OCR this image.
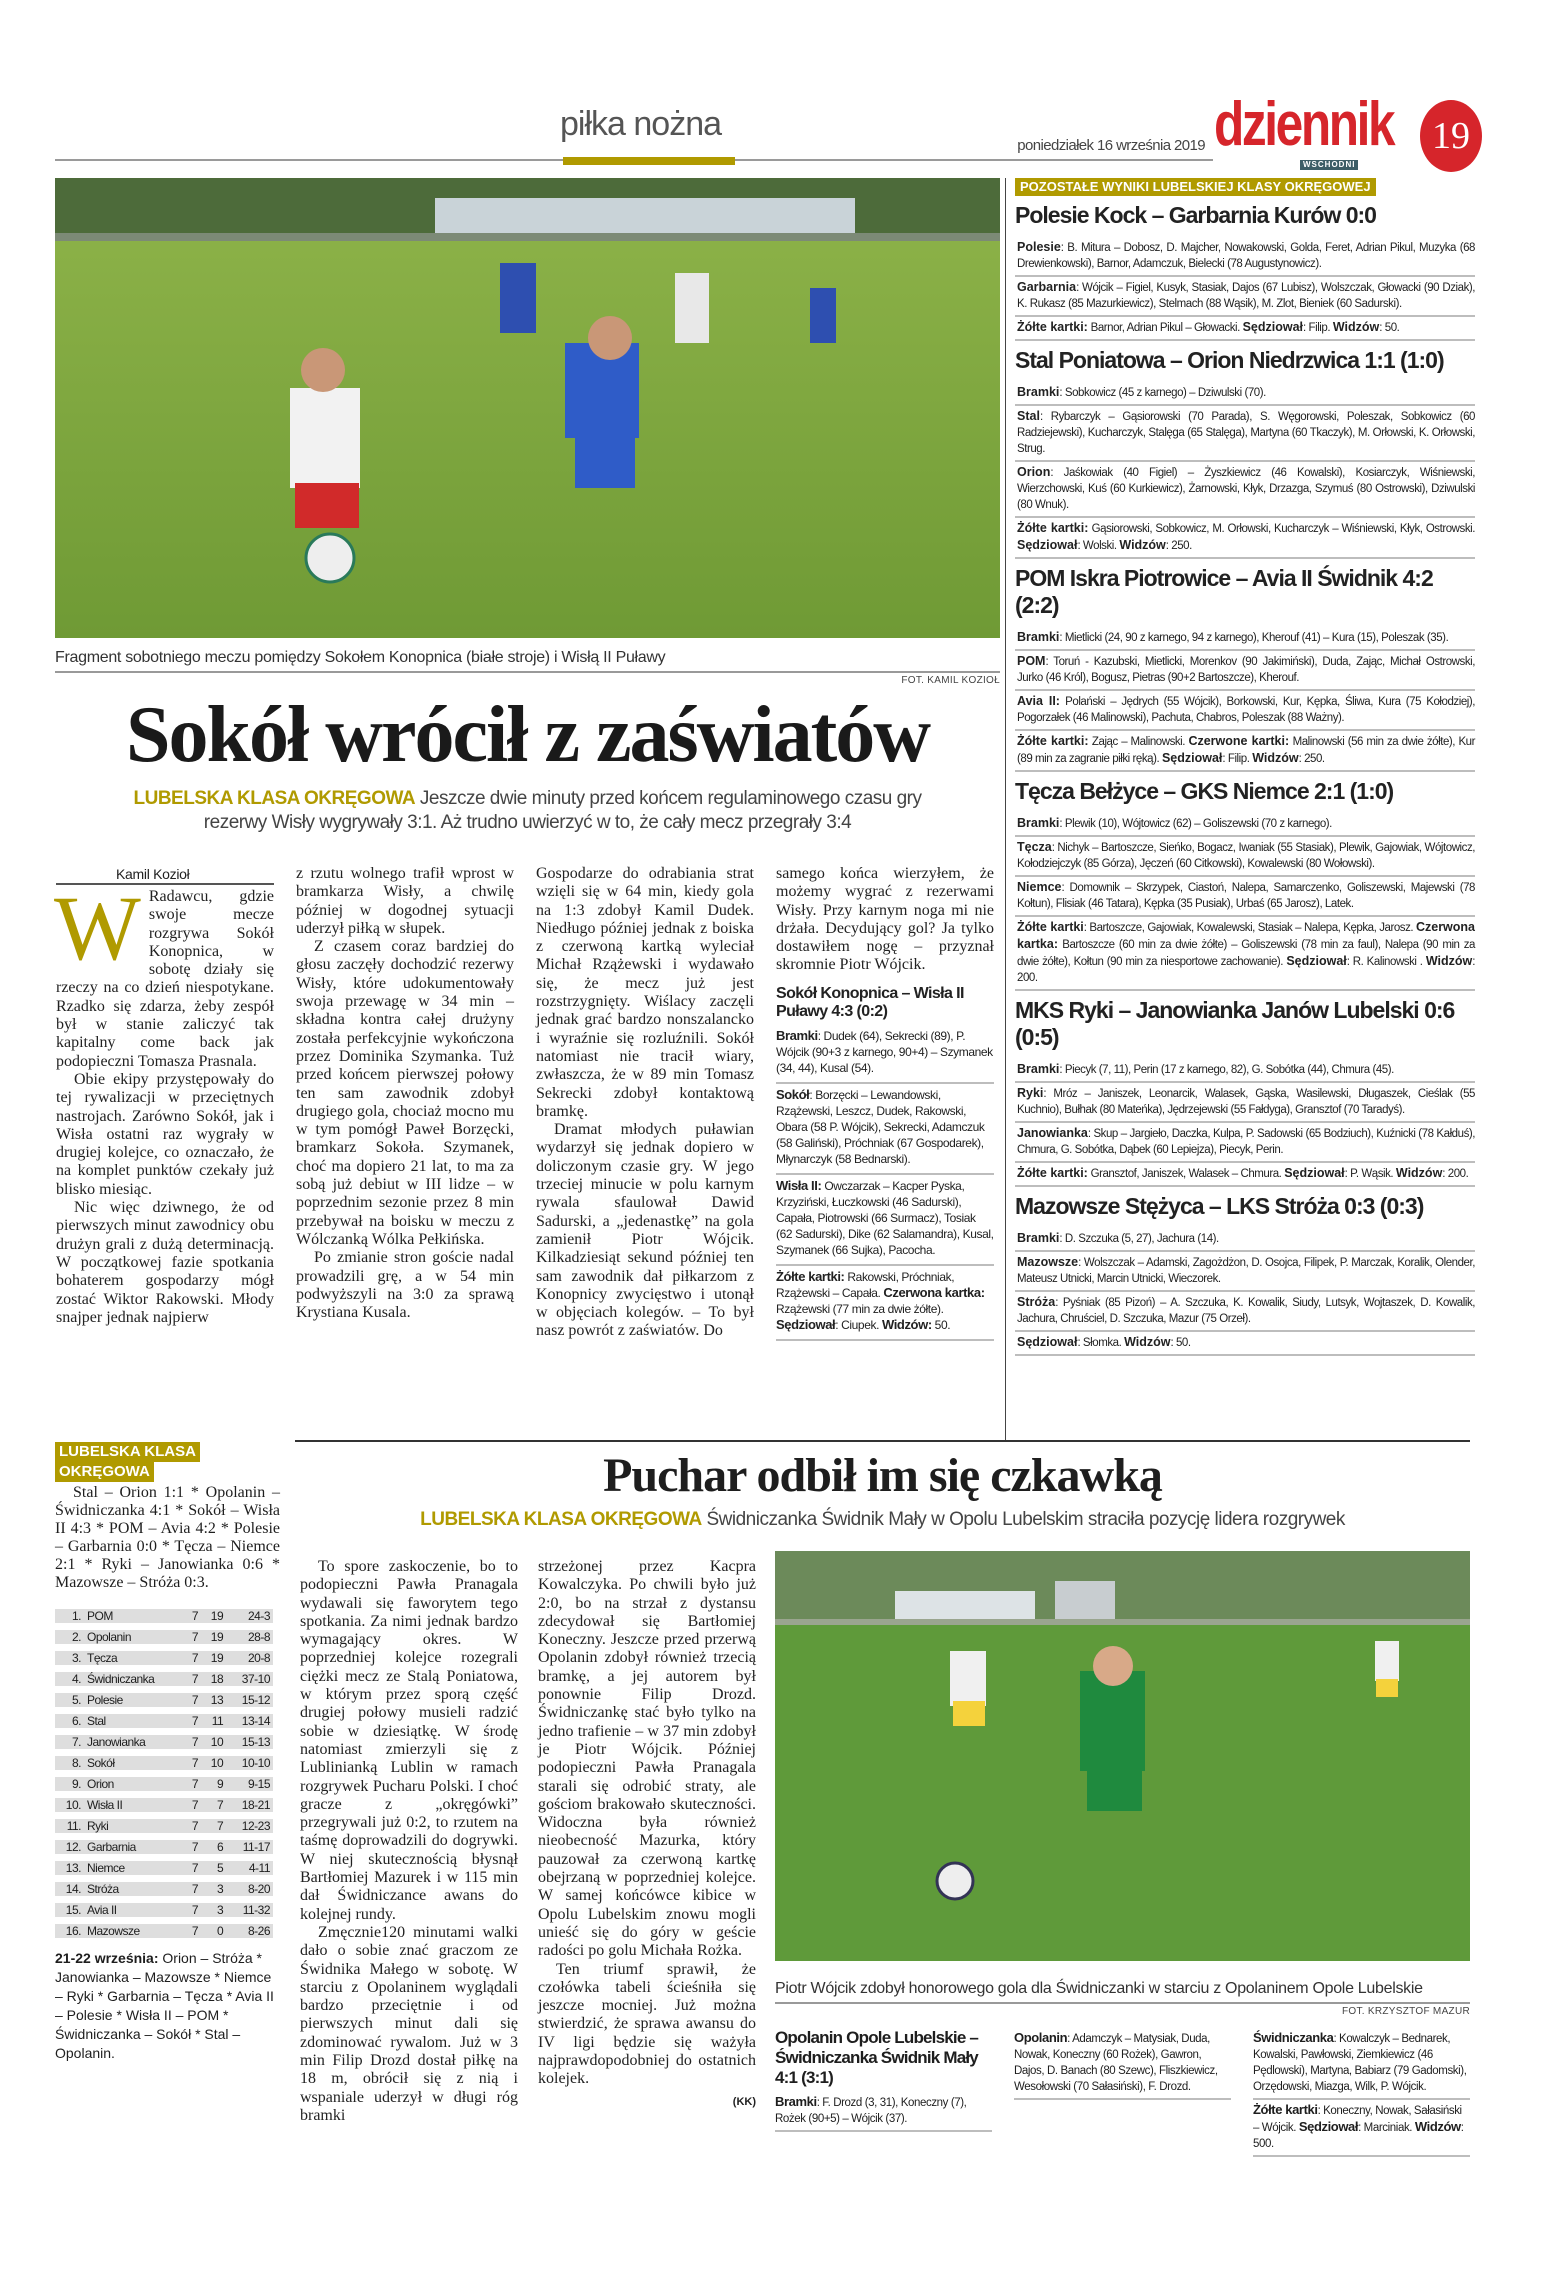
piłka nożna
poniedziałek 16 września 2019 dziennik
WSCHODNI
19
POZOSTAŁE WYNIKI LUBELSKIEJ KLASY OKRĘGOWEJ
Polesie Kock – Garbarnia Kurów 0:0
Polesie: B. Mitura – Dobosz, D. Majcher, Nowakowski, Golda, Feret, Adrian Pikul, Muzyka (68 Drewienkowski), Barnor, Adamczuk, Bielecki (78 Augustynowicz).
Garbarnia: Wójcik – Figiel, Kusyk, Stasiak, Dajos (67 Lubisz), Wolszczak, Głowacki (90 Dziak), K. Rukasz (85 Mazurkiewicz), Stelmach (88 Wąsik), M. Zlot, Bieniek (60 Sadurski).
Żółte kartki: Barnor, Adrian Pikul – Głowacki. Sędziował: Filip. Widzów: 50.
Stal Poniatowa – Orion Niedrzwica 1:1 (1:0)
Bramki: Sobkowicz (45 z karnego) – Dziwulski (70).
Stal: Rybarczyk – Gąsiorowski (70 Parada), S. Węgorowski, Poleszak, Sobkowicz (60 Radziejewski), Kucharczyk, Stalęga (65 Stalęga), Martyna (60 Tkaczyk), M. Orłowski, K. Orłowski, Strug.
Orion: Jaśkowiak (40 Figiel) – Żyszkiewicz (46 Kowalski), Kosiarczyk, Wiśniewski, Wierzchowski, Kuś (60 Kurkiewicz), Żarnowski, Kłyk, Drzazga, Szymuś (80 Ostrowski), Dziwulski (80 Wnuk).
Żółte kartki: Gąsiorowski, Sobkowicz, M. Orłowski, Kucharczyk – Wiśniewski, Kłyk, Ostrowski. Sędziował: Wolski. Widzów: 250.
POM Iskra Piotrowice – Avia II Świdnik 4:2 (2:2)
Bramki: Mietlicki (24, 90 z karnego, 94 z karnego), Kherouf (41) – Kura (15), Poleszak (35).
POM: Toruń - Kazubski, Mietlicki, Morenkov (90 Jakimiński), Duda, Zając, Michał Ostrowski, Jurko (46 Król), Bogusz, Pietras (90+2 Bartoszcze), Kherouf.
Avia II: Polański – Jędrych (55 Wójcik), Borkowski, Kur, Kępka, Śliwa, Kura (75 Kołodziej), Pogorzałek (46 Malinowski), Pachuta, Chabros, Poleszak (88 Ważny).
Żółte kartki: Zając – Malinowski. Czerwone kartki: Malinowski (56 min za dwie żółte), Kur (89 min za zagranie piłki ręką). Sędziował: Filip. Widzów: 250.
Tęcza Bełżyce – GKS Niemce 2:1 (1:0)
Bramki: Plewik (10), Wójtowicz (62) – Goliszewski (70 z karnego).
Tęcza: Nichyk – Bartoszcze, Sieńko, Bogacz, Iwaniak (55 Stasiak), Plewik, Gajowiak, Wójtowicz, Kołodziejczyk (85 Górza), Jęczeń (60 Citkowski), Kowalewski (80 Wołowski).
Niemce: Domownik – Skrzypek, Ciastoń, Nalepa, Samarczenko, Goliszewski, Majewski (78 Kołtun), Flisiak (46 Tatara), Kępka (35 Pusiak), Urbaś (65 Jarosz), Latek.
Żółte kartki: Bartoszcze, Gajowiak, Kowalewski, Stasiak – Nalepa, Kępka, Jarosz. Czerwona kartka: Bartoszcze (60 min za dwie żółte) – Goliszewski (78 min za faul), Nalepa (90 min za dwie żółte), Kołtun (90 min za niesportowe zachowanie). Sędziował: R. Kalinowski . Widzów: 200.
MKS Ryki – Janowianka Janów Lubelski 0:6 (0:5)
Bramki: Piecyk (7, 11), Perin (17 z karnego, 82), G. Sobótka (44), Chmura (45).
Ryki: Mróz – Janiszek, Leonarcik, Walasek, Gąska, Wasilewski, Długaszek, Cieślak (55 Kuchnio), Bułhak (80 Mateńka), Jędrzejewski (55 Fałdyga), Gransztof (70 Taradyś).
Janowianka: Skup – Jargieło, Daczka, Kulpa, P. Sadowski (65 Bodziuch), Kuźnicki (78 Kałduś), Chmura, G. Sobótka, Dąbek (60 Lepiejza), Piecyk, Perin.
Żółte kartki: Gransztof, Janiszek, Walasek – Chmura. Sędziował: P. Wąsik. Widzów: 200.
Mazowsze Stężyca – LKS Stróża 0:3 (0:3)
Bramki: D. Szczuka (5, 27), Jachura (14).
Mazowsze: Wolszczak – Adamski, Zagożdżon, D. Osojca, Filipek, P. Marczak, Koralik, Olender, Mateusz Utnicki, Marcin Utnicki, Wieczorek.
Stróża: Pyśniak (85 Pizoń) – A. Szczuka, K. Kowalik, Siudy, Lutsyk, Wojtaszek, D. Kowalik, Jachura, Chruściel, D. Szczuka, Mazur (75 Orzeł).
Sędziował: Słomka. Widzów: 50.
Fragment sobotniego meczu pomiędzy Sokołem Konopnica (białe stroje) i Wisłą II Puławy
FOT. KAMIL KOZIOŁ
Sokół wrócił z zaświatów
LUBELSKA KLASA OKRĘGOWA Jeszcze dwie minuty przed końcem regulaminowego czasu gry rezerwy Wisły wygrywały 3:1. Aż trudno uwierzyć w to, że cały mecz przegrały 3:4
Kamil Kozioł

W Radawcu, gdzie swoje mecze rozgrywa Sokół Konopnica, w sobotę działy się rzeczy na co dzień niespotykane. Rzadko się zdarza, żeby zespół był w stanie zaliczyć tak kapitalny come back jak podopieczni Tomasza Prasnala.

Obie ekipy przystępowały do tej rywalizacji w przeciętnych nastrojach. Zarówno Sokół, jak i Wisła ostatni raz wygrały w drugiej kolejce, co oznaczało, że na komplet punktów czekały już blisko miesiąc.

Nic więc dziwnego, że od pierwszych minut zawodnicy obu drużyn grali z dużą determinacją. W początkowej fazie spotkania bohaterem gospodarzy mógł zostać Wiktor Rakowski. Młody snajper jednak najpierw

z rzutu wolnego trafił wprost w bramkarza Wisły, a chwilę później w dogodnej sytuacji uderzył piłką w słupek.

Z czasem coraz bardziej do głosu zaczęły dochodzić rezerwy Wisły, które udokumentowały swoja przewagę w 34 min – składna kontra całej drużyny została perfekcyjnie wykończona przez Dominika Szymanka. Tuż przed końcem pierwszej połowy ten sam zawodnik zdobył drugiego gola, chociaż mocno mu w tym pomógł Paweł Borzęcki, bramkarz Sokoła. Szymanek, choć ma dopiero 21 lat, to ma za sobą już debiut w III lidze – w poprzednim sezonie przez 8 min przebywał na boisku w meczu z Wólczanką Wólka Pełkińska.

Po zmianie stron goście nadal prowadzili grę, a w 54 min podwyższyli na 3:0 za sprawą Krystiana Kusala.

Gospodarze do odrabiania strat wzięli się w 64 min, kiedy gola na 1:3 zdobył Kamil Dudek. Niedługo później jednak z boiska z czerwoną kartką wyleciał Michał Rzążewski i wydawało się, że mecz już jest rozstrzygnięty. Wiślacy zaczęli jednak grać bardzo nonszalancko i wyraźnie się rozluźnili. Sokół natomiast nie tracił wiary, zwłaszcza, że w 89 min Tomasz Sekrecki zdobył kontaktową bramkę.

Dramat młodych puławian wydarzył się jednak dopiero w doliczonym czasie gry. W jego trzeciej minucie w polu karnym rywala sfaulował Dawid Sadurski, a „jedenastkę” na gola zamienił Piotr Wójcik. Kilkadziesiąt sekund później ten sam zawodnik dał piłkarzom z Konopnicy zwycięstwo i utonął w objęciach kolegów. – To był nasz powrót z zaświatów. Do

samego końca wierzyłem, że możemy wygrać z rezerwami Wisły. Przy karnym noga mi nie drżała. Decydujący gol? Ja tylko dostawiłem nogę – przyznał skromnie Piotr Wójcik.

Sokół Konopnica – Wisła II Puławy 4:3 (0:2)
Bramki: Dudek (64), Sekrecki (89), P. Wójcik (90+3 z karnego, 90+4) – Szymanek (34, 44), Kusal (54).
Sokół: Borzęcki – Lewandowski, Rzążewski, Leszcz, Dudek, Rakowski, Obara (58 P. Wójcik), Sekrecki, Adamczuk (58 Galiński), Próchniak (67 Gospodarek), Młynarczyk (58 Bednarski).
Wisła II: Owczarzak – Kacper Pyska, Krzyziński, Łuczkowski (46 Sadurski), Capała, Piotrowski (66 Surmacz), Tosiak (62 Sadurski), Dike (62 Salamandra), Kusal, Szymanek (66 Sujka), Pacocha.
Żółte kartki: Rakowski, Próchniak, Rzążewski – Capała. Czerwona kartka: Rzążewski (77 min za dwie żółte). Sędziował: Ciupek. Widzów: 50.
LUBELSKA KLASA
OKRĘGOWA
Stal – Orion 1:1 * Opolanin – Świdniczanka 4:1 * Sokół – Wisła II 4:3 * POM – Avia 4:2 * Polesie – Garbarnia 0:0 * Tęcza – Niemce 2:1 * Ryki – Janowianka 0:6 * Mazowsze – Stróża 0:3.
1.	POM	7	19	24-3
2.	Opolanin	7	19	28-8
3.	Tęcza	7	19	20-8
4.	Świdniczanka	7	18	37-10
5.	Polesie	7	13	15-12
6.	Stal	7	11	13-14
7.	Janowianka	7	10	15-13
8.	Sokół	7	10	10-10
9.	Orion	7	9	9-15
10.	Wisła II	7	7	18-21
11.	Ryki	7	7	12-23
12.	Garbarnia	7	6	11-17
13.	Niemce	7	5	4-11
14.	Stróża	7	3	8-20
15.	Avia II	7	3	11-32
16.	Mazowsze	7	0	8-26
21-22 września: Orion – Stróża * Janowianka – Mazowsze * Niemce – Ryki * Garbarnia – Tęcza * Avia II – Polesie * Wisła II – POM * Świdniczanka – Sokół * Stal – Opolanin.
Puchar odbił im się czkawką
LUBELSKA KLASA OKRĘGOWA Świdniczanka Świdnik Mały w Opolu Lubelskim straciła pozycję lidera rozgrywek

To spore zaskoczenie, bo to podopieczni Pawła Pranagala wydawali się faworytem tego spotkania. Za nimi jednak bardzo wymagający okres. W poprzedniej kolejce rozegrali ciężki mecz ze Stalą Poniatowa, w którym przez sporą część drugiej połowy musieli radzić sobie w dziesiątkę. W środę natomiast zmierzyli się z Lublinianką Lublin w ramach rozgrywek Pucharu Polski. I choć gracze z „okręgówki” przegrywali już 0:2, to rzutem na taśmę doprowadzili do dogrywki. W niej skutecznością błysnął Bartłomiej Mazurek i w 115 min dał Świdniczance awans do kolejnej rundy.

Zmęcznie120 minutami walki dało o sobie znać graczom ze Świdnika Małego w sobotę. W starciu z Opolaninem wyglądali bardzo przeciętnie i od pierwszych minut dali się zdominować rywalom. Już w 3 min Filip Drozd dostał piłkę na 18 m, obrócił się z nią i wspaniale uderzył w długi róg bramki

strzeżonej przez Kacpra Kowalczyka. Po chwili było już 2:0, bo na strzał z dystansu zdecydował się Bartłomiej Koneczny. Jeszcze przed przerwą Opolanin zdobył również trzecią bramkę, a jej autorem był ponownie Filip Drozd. Świdniczankę stać było tylko na jedno trafienie – w 37 min zdobył je Piotr Wójcik. Później podopieczni Pawła Pranagala starali się odrobić straty, ale gościom brakowało skuteczności. Widoczna była również nieobecność Mazurka, który pauzował za czerwoną kartkę obejrzaną w poprzedniej kolejce. W samej końcówce kibice w Opolu Lubelskim znowu mogli unieść się do góry w geście radości po golu Michała Rożka.

Ten triumf sprawił, że czołówka tabeli ścieśniła się jeszcze mocniej. Już można stwierdzić, że sprawa awansu do IV ligi będzie się ważyła najprawdopodobniej do ostatnich kolejek.

(KK)
Piotr Wójcik zdobył honorowego gola dla Świdniczanki w starciu z Opolaninem Opole Lubelskie
FOT. KRZYSZTOF MAZUR
Opolanin Opole Lubelskie – Świdniczanka Świdnik Mały 4:1 (3:1)
Bramki: F. Drozd (3, 31), Koneczny (7), Rożek (90+5) – Wójcik (37).
Opolanin: Adamczyk – Matysiak, Duda, Nowak, Koneczny (60 Rożek), Gawron, Dajos, D. Banach (80 Szewc), Fliszkiewicz, Wesołowski (70 Sałasiński), F. Drozd.
Świdniczanka: Kowalczyk – Bednarek, Kowalski, Pawłowski, Ziemkiewicz (46 Pędlowski), Martyna, Babiarz (79 Gadomski), Orzędowski, Miazga, Wilk, P. Wójcik.
Żółte kartki: Koneczny, Nowak, Sałasiński – Wójcik. Sędziował: Marciniak. Widzów: 500.
